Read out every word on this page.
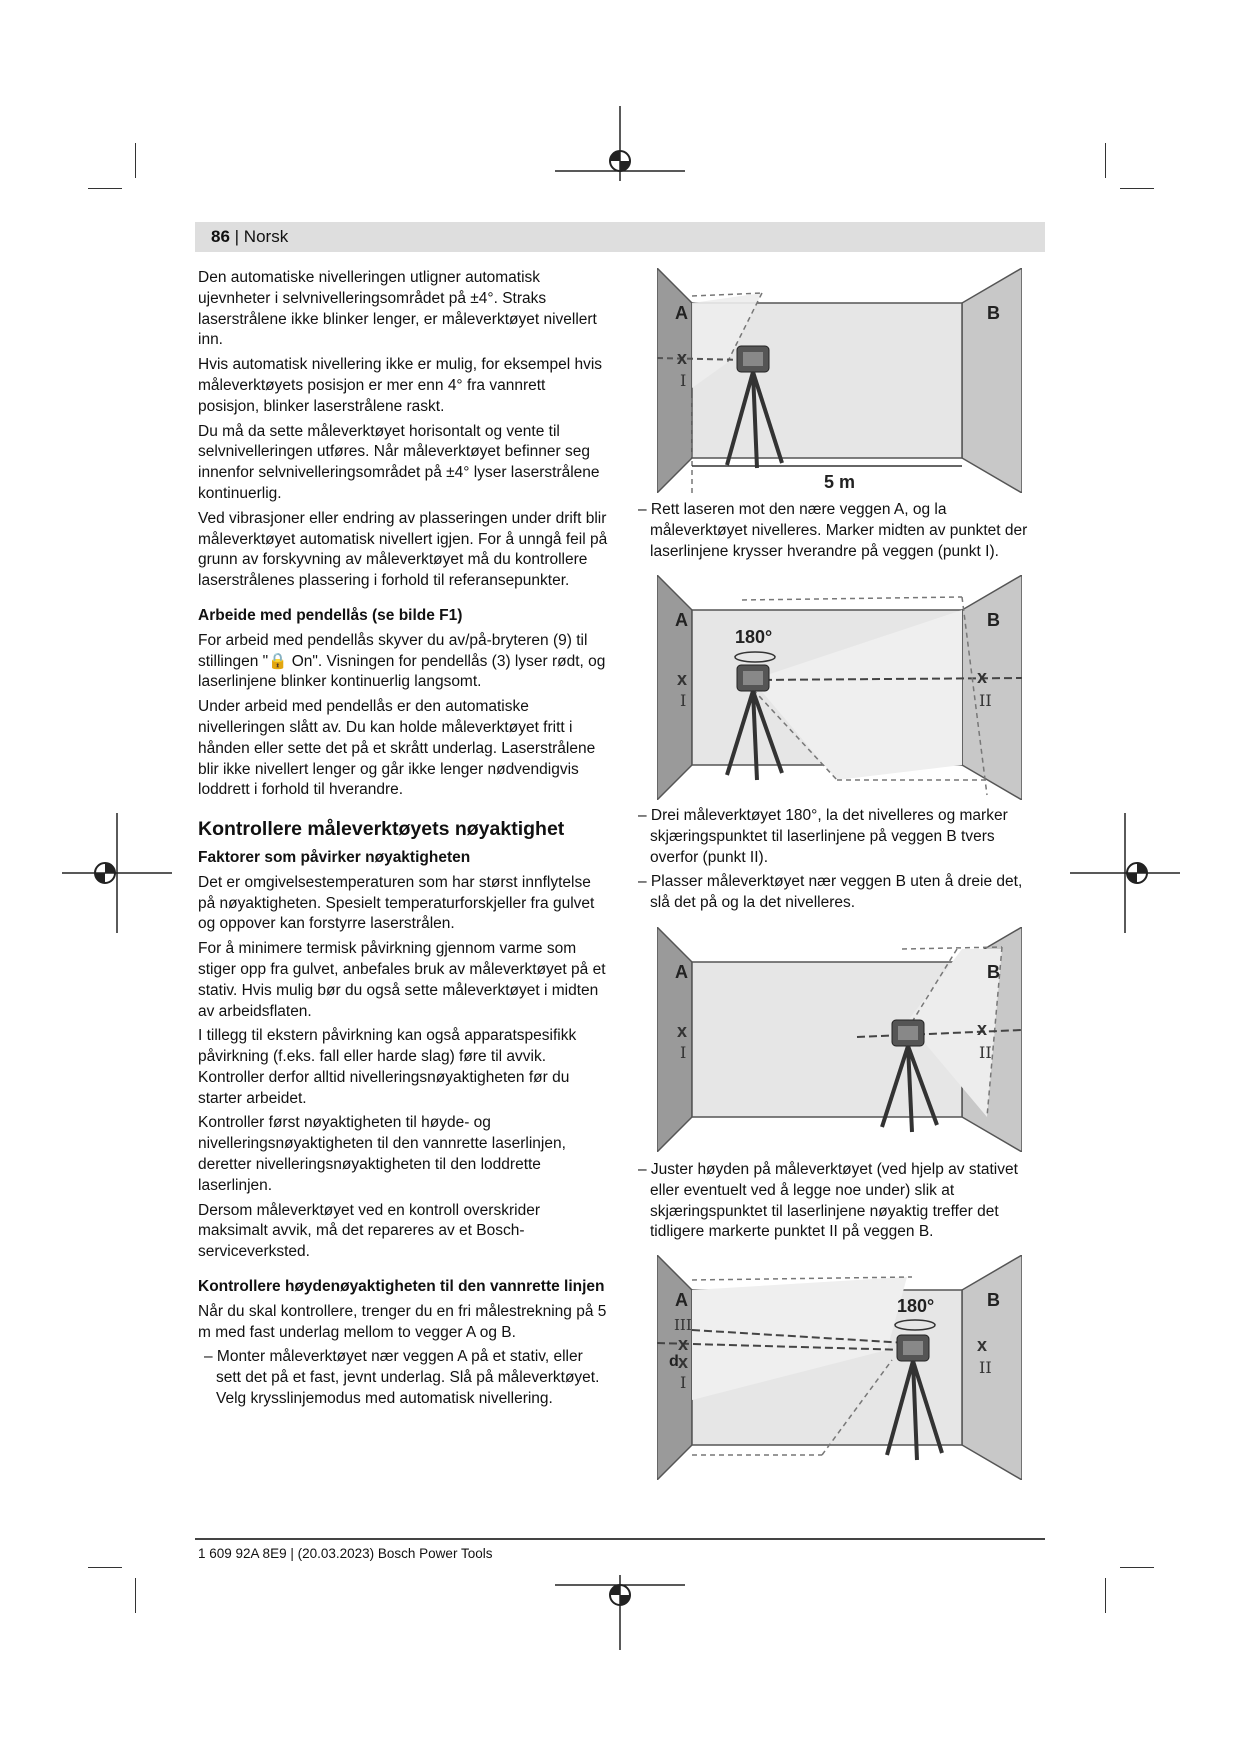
86 | Norsk

Den automatiske nivelleringen utligner automatisk ujevnheter i selvnivelleringsområdet på ±4°. Straks laserstrålene ikke blinker lenger, er måleverktøyet nivellert inn.

Hvis automatisk nivellering ikke er mulig, for eksempel hvis måleverktøyets posisjon er mer enn 4° fra vannrett posisjon, blinker laserstrålene raskt.

Du må da sette måleverktøyet horisontalt og vente til selvnivelleringen utføres. Når måleverktøyet befinner seg innenfor selvnivelleringsområdet på ±4° lyser laserstrålene kontinuerlig.

Ved vibrasjoner eller endring av plasseringen under drift blir måleverktøyet automatisk nivellert igjen. For å unngå feil på grunn av forskyvning av måleverktøyet må du kontrollere laserstrålenes plassering i forhold til referansepunkter.

Arbeide med pendellås (se bilde F1)

For arbeid med pendellås skyver du av/på-bryteren (9) til stillingen "🔒 On". Visningen for pendellås (3) lyser rødt, og laserlinjene blinker kontinuerlig langsomt.

Under arbeid med pendellås er den automatiske nivelleringen slått av. Du kan holde måleverktøyet fritt i hånden eller sette det på et skrått underlag. Laserstrålene blir ikke nivellert lenger og går ikke lenger nødvendigvis loddrett i forhold til hverandre.

Kontrollere måleverktøyets nøyaktighet
Faktorer som påvirker nøyaktigheten

Det er omgivelsestemperaturen som har størst innflytelse på nøyaktigheten. Spesielt temperaturforskjeller fra gulvet og oppover kan forstyrre laserstrålen.

For å minimere termisk påvirkning gjennom varme som stiger opp fra gulvet, anbefales bruk av måleverktøyet på et stativ. Hvis mulig bør du også sette måleverktøyet i midten av arbeidsflaten.

I tillegg til ekstern påvirkning kan også apparatspesifikk påvirkning (f.eks. fall eller harde slag) føre til avvik. Kontroller derfor alltid nivelleringsnøyaktigheten før du starter arbeidet.

Kontroller først nøyaktigheten til høyde- og nivelleringsnøyaktigheten til den vannrette laserlinjen, deretter nivelleringsnøyaktigheten til den loddrette laserlinjen.

Dersom måleverktøyet ved en kontroll overskrider maksimalt avvik, må det repareres av et Bosch-serviceverksted.

Kontrollere høydenøyaktigheten til den vannrette linjen

Når du skal kontrollere, trenger du en fri målestrekning på 5 m med fast underlag mellom to vegger A og B.

– Monter måleverktøyet nær veggen A på et stativ, eller sett det på et fast, jevnt underlag. Slå på måleverktøyet. Velg krysslinjemodus med automatisk nivellering.

x
I
A	B
5 m

– Rett laseren mot den nære veggen A, og la måleverktøyet nivelleres. Marker midten av punktet der laserlinjene krysser hverandre på veggen (punkt I).

A	B
x
I
x
II
180°

– Drei måleverktøyet 180°, la det nivelleres og marker skjæringspunktet til laserlinjene på veggen B tvers overfor (punkt II).

– Plasser måleverktøyet nær veggen B uten å dreie det, slå det på og la det nivelleres.

A	B
x
I
x
II

– Juster høyden på måleverktøyet (ved hjelp av stativet eller eventuelt ved å legge noe under) slik at skjæringspunktet til laserlinjene nøyaktig treffer det tidligere markerte punktet II på veggen B.

A	B
III
x
d x
I
x
II
180°
1 609 92A 8E9 | (20.03.2023) Bosch Power Tools
